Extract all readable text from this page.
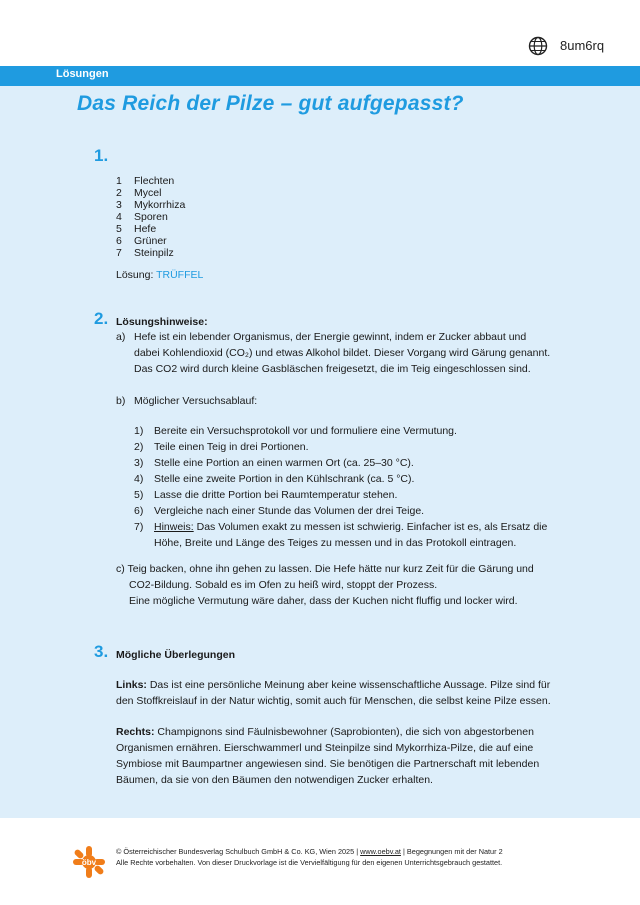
8um6rq
Lösungen
Das Reich der Pilze – gut aufgepasst?
1.
1	Flechten
2	Mycel
3	Mykorrhiza
4	Sporen
5	Hefe
6	Grüner
7	Steinpilz
Lösung: TRÜFFEL
2. Lösungshinweise:
a) Hefe ist ein lebender Organismus, der Energie gewinnt, indem er Zucker abbaut und
dabei Kohlendioxid (CO₂) und etwas Alkohol bildet. Dieser Vorgang wird Gärung genannt.
Das CO2 wird durch kleine Gasbläschen freigesetzt, die im Teig eingeschlossen sind.
b) Möglicher Versuchsablauf:
1)	Bereite ein Versuchsprotokoll vor und formuliere eine Vermutung.
2)	Teile einen Teig in drei Portionen.
3)	Stelle eine Portion an einen warmen Ort (ca. 25–30 °C).
4)	Stelle eine zweite Portion in den Kühlschrank (ca. 5 °C).
5)	Lasse die dritte Portion bei Raumtemperatur stehen.
6)	Vergleiche nach einer Stunde das Volumen der drei Teige.
7)	Hinweis: Das Volumen exakt zu messen ist schwierig. Einfacher ist es, als Ersatz die
Höhe, Breite und Länge des Teiges zu messen und in das Protokoll eintragen.
c) Teig backen, ohne ihn gehen zu lassen. Die Hefe hätte nur kurz Zeit für die Gärung und
CO2-Bildung. Sobald es im Ofen zu heiß wird, stoppt der Prozess.
Eine mögliche Vermutung wäre daher, dass der Kuchen nicht fluffig und locker wird.
3. Mögliche Überlegungen
Links: Das ist eine persönliche Meinung aber keine wissenschaftliche Aussage. Pilze sind für
den Stoffkreislauf in der Natur wichtig, somit auch für Menschen, die selbst keine Pilze essen.
Rechts: Champignons sind Fäulnisbewohner (Saprobionten), die sich von abgestorbenen
Organismen ernähren. Eierschwammerl und Steinpilze sind Mykorrhiza-Pilze, die auf eine
Symbiose mit Baumpartner angewiesen sind. Sie benötigen die Partnerschaft mit lebenden
Bäumen, da sie von den Bäumen den notwendigen Zucker erhalten.
öbv
© Österreichischer Bundesverlag Schulbuch GmbH & Co. KG, Wien 2025 | www.oebv.at | Begegnungen mit der Natur 2
Alle Rechte vorbehalten. Von dieser Druckvorlage ist die Vervielfältigung für den eigenen Unterrichtsgebrauch gestattet.
